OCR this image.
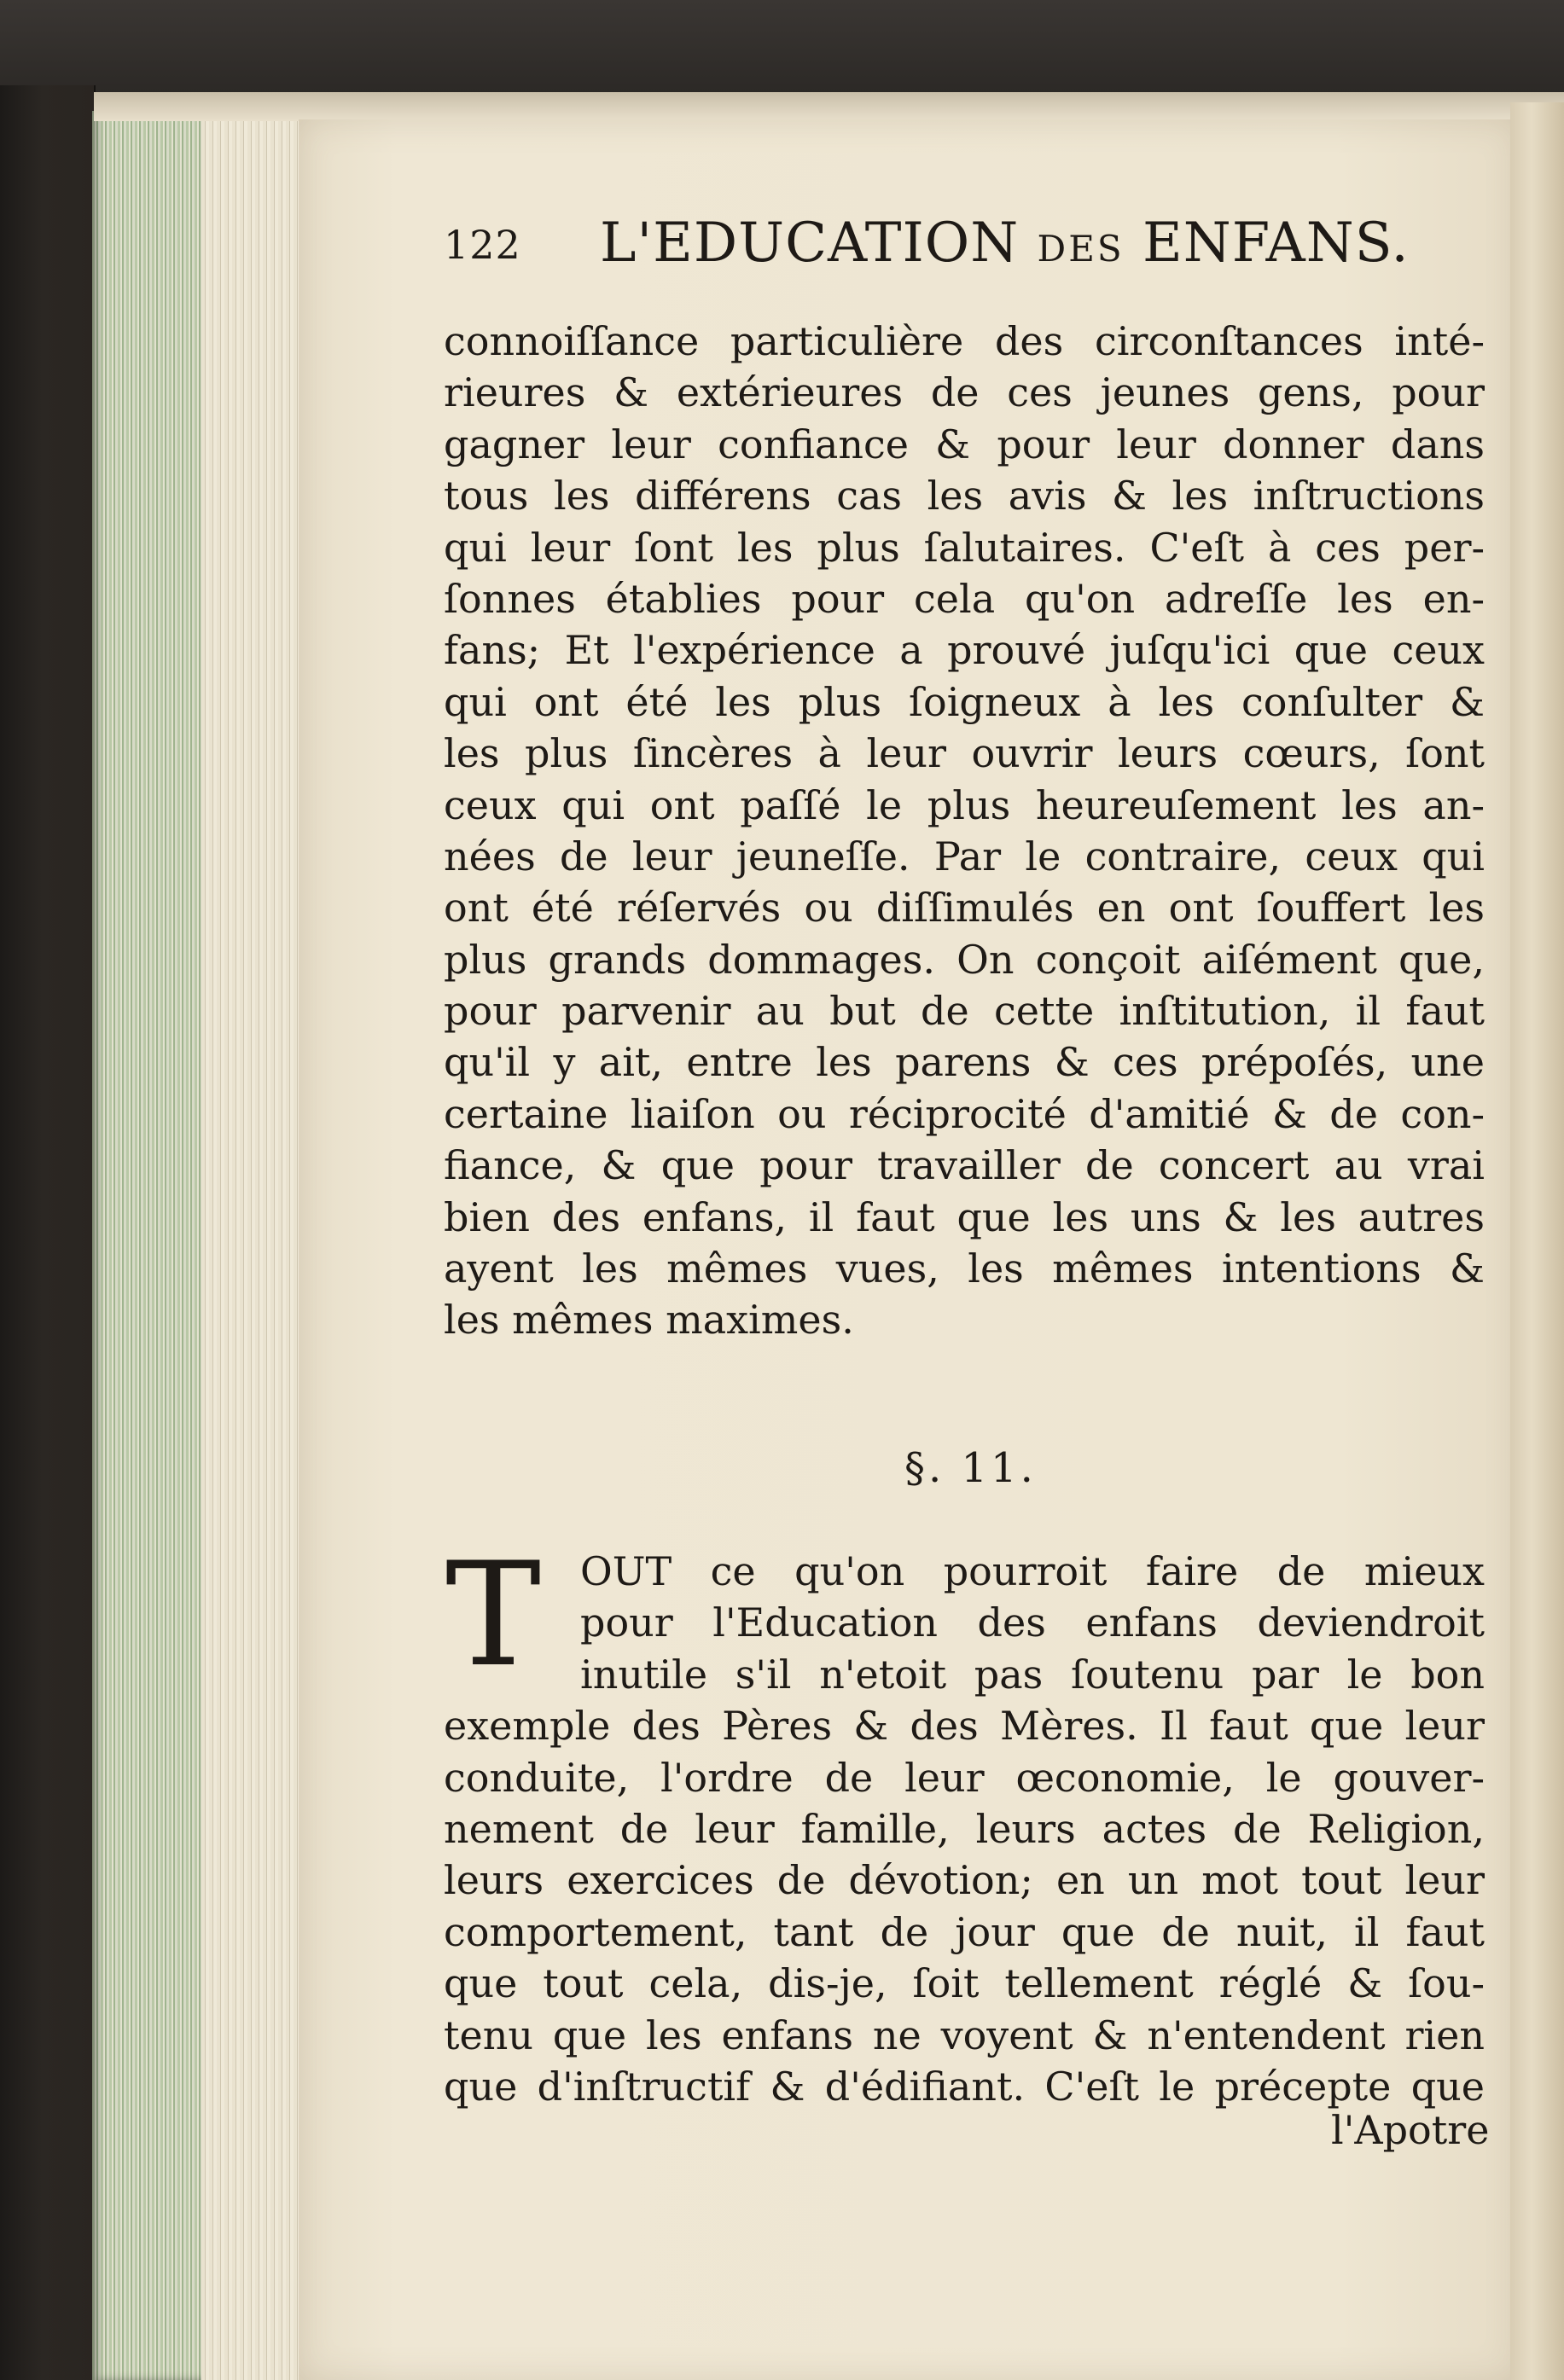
122 L'EDUCATION DES ENFANS.
connoiſſance particulière des circonſtances inté-
rieures & extérieures de ces jeunes gens, pour
gagner leur confiance & pour leur donner dans
tous les différens cas les avis & les inſtructions
qui leur ſont les plus ſalutaires. C'eſt à ces per-
ſonnes établies pour cela qu'on adreſſe les en-
fans; Et l'expérience a prouvé juſqu'ici que ceux
qui ont été les plus ſoigneux à les conſulter &
les plus ſincères à leur ouvrir leurs cœurs, ſont
ceux qui ont paſſé le plus heureuſement les an-
nées de leur jeuneſſe. Par le contraire, ceux qui
ont été réſervés ou diſſimulés en ont ſouffert les
plus grands dommages. On conçoit aiſément que,
pour parvenir au but de cette inſtitution, il faut
qu'il y ait, entre les parens & ces prépoſés, une
certaine liaiſon ou réciprocité d'amitié & de con-
fiance, & que pour travailler de concert au vrai
bien des enfans, il faut que les uns & les autres
ayent les mêmes vues, les mêmes intentions &
les mêmes maximes.
§. 11.
T OUT ce qu'on pourroit faire de mieux
pour l'Education des enfans deviendroit
inutile s'il n'etoit pas ſoutenu par le bon
exemple des Pères & des Mères. Il faut que leur
conduite, l'ordre de leur œconomie, le gouver-
nement de leur famille, leurs actes de Religion,
leurs exercices de dévotion; en un mot tout leur
comportement, tant de jour que de nuit, il faut
que tout cela, dis-je, ſoit tellement réglé & ſou-
tenu que les enfans ne voyent & n'entendent rien
que d'inſtructif & d'édifiant. C'eſt le précepte que
l'Apotre
